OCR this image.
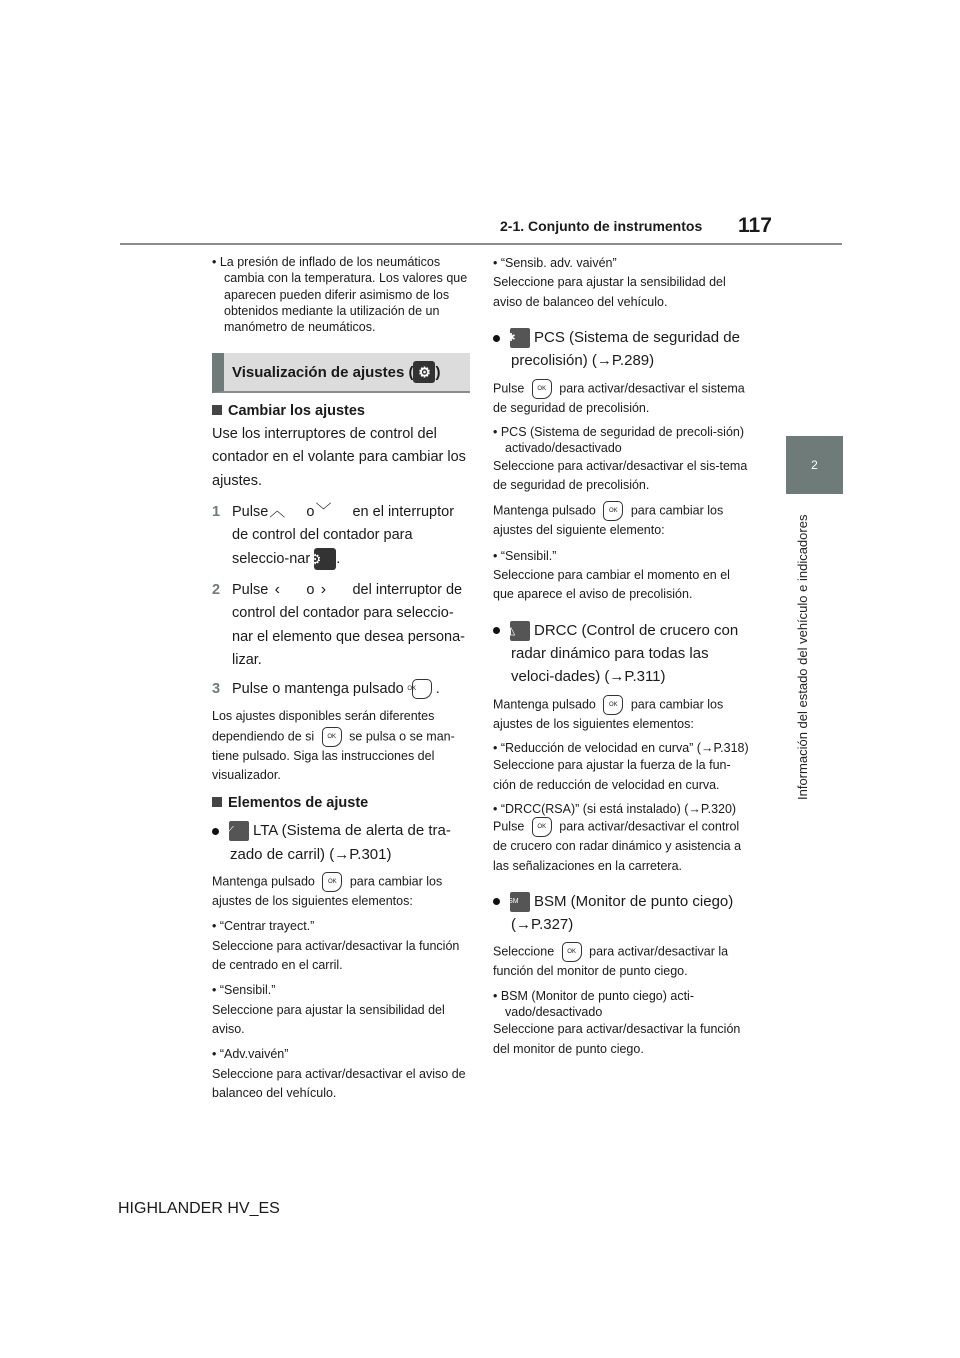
2-1. Conjunto de instrumentos 117
2
Información del estado del vehículo e indicadores
HIGHLANDER HV_ES

• La presión de inflado de los neumáticos cambia con la temperatura. Los valores que aparecen pueden diferir asimismo de los obtenidos mediante la utilización de un manómetro de neumáticos.

Visualización de ajustes ( ⚙ )
Cambiar los ajustes

Use los interruptores de control del contador en el volante para cambiar los ajustes.

1 Pulse ︿ o ﹀ en el interruptor de control del contador para seleccio-nar ⚙ .
2 Pulse ‹ o › del interruptor de control del contador para seleccio-nar el elemento que desea persona-lizar.
3 Pulse o mantenga pulsado OK .

Los ajustes disponibles serán diferentes dependiendo de si OK se pulsa o se man-tiene pulsado. Siga las instrucciones del visualizador.

Elementos de ajuste
⟋ LTA (Sistema de alerta de tra-zado de carril) (→P.301)

Mantenga pulsado OK para cambiar los ajustes de los siguientes elementos:

• “Centrar trayect.”

Seleccione para activar/desactivar la función de centrado en el carril.

• “Sensibil.”

Seleccione para ajustar la sensibilidad del aviso.

• “Adv.vaivén”

Seleccione para activar/desactivar el aviso de balanceo del vehículo.

• “Sensib. adv. vaivén”

Seleccione para ajustar la sensibilidad del aviso de balanceo del vehículo.

✱ PCS (Sistema de seguridad de precolisión) (→P.289)

Pulse OK para activar/desactivar el sistema de seguridad de precolisión.

• PCS (Sistema de seguridad de precoli-sión) activado/desactivado

Seleccione para activar/desactivar el sis-tema de seguridad de precolisión.

Mantenga pulsado OK para cambiar los ajustes del siguiente elemento:

• “Sensibil.”

Seleccione para cambiar el momento en el que aparece el aviso de precolisión.

◭ DRCC (Control de crucero con radar dinámico para todas las veloci-dades) (→P.311)

Mantenga pulsado OK para cambiar los ajustes de los siguientes elementos:

• “Reducción de velocidad en curva” (→P.318)

Seleccione para ajustar la fuerza de la fun-ción de reducción de velocidad en curva.

• “DRCC(RSA)” (si está instalado) (→P.320)

Pulse OK para activar/desactivar el control de crucero con radar dinámico y asistencia a las señalizaciones en la carretera.

BSM BSM (Monitor de punto ciego) (→P.327)

Seleccione OK para activar/desactivar la función del monitor de punto ciego.

• BSM (Monitor de punto ciego) acti-vado/desactivado

Seleccione para activar/desactivar la función del monitor de punto ciego.
